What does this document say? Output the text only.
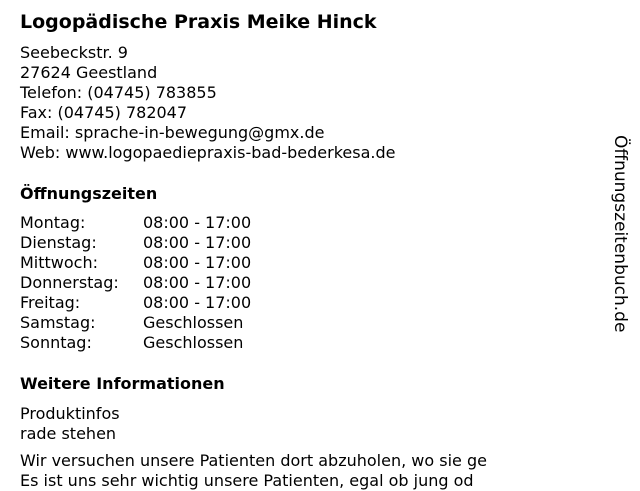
Logopädische Praxis Meike Hinck
Seebeckstr. 9
27624 Geestland
Telefon: (04745) 783855
Fax: (04745) 782047
Email: sprache-in-bewegung@gmx.de
Web: www.logopaediepraxis-bad-bederkesa.de
Öffnungszeiten
Montag:	08:00 - 17:00
Dienstag:	08:00 - 17:00
Mittwoch:	08:00 - 17:00
Donnerstag:	08:00 - 17:00
Freitag:	08:00 - 17:00
Samstag:	Geschlossen
Sonntag:	Geschlossen
Weitere Informationen
Produktinfos
rade stehen
Wir versuchen unsere Patienten dort abzuholen, wo sie ge
Es ist uns sehr wichtig unsere Patienten, egal ob jung od
Öffnungszeitenbuch.de
